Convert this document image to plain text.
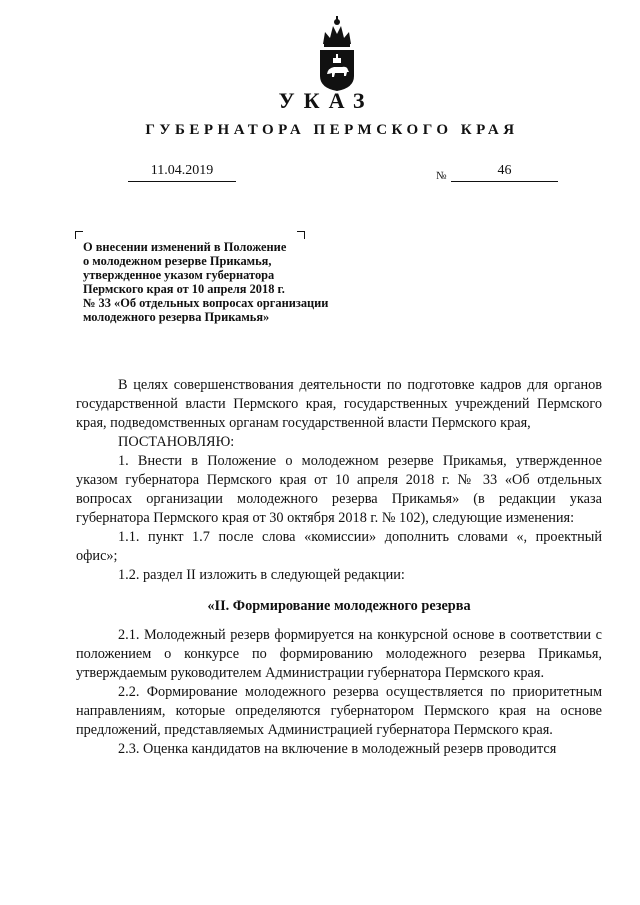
УКАЗ
ГУБЕРНАТОРА ПЕРМСКОГО КРАЯ
11.04.2019	№	46
О внесении изменений в Положение
о молодежном резерве Прикамья,
утвержденное указом губернатора
Пермского края от 10 апреля 2018 г.
№ 33 «Об отдельных вопросах организации
молодежного резерва Прикамья»

В целях совершенствования деятельности по подготовке кадров для органов государственной власти Пермского края, государственных учреждений Пермского края, подведомственных органам государственной власти Пермского края,

ПОСТАНОВЛЯЮ:

1. Внести в Положение о молодежном резерве Прикамья, утвержденное указом губернатора Пермского края от 10 апреля 2018 г. № 33 «Об отдельных вопросах организации молодежного резерва Прикамья» (в редакции указа губернатора Пермского края от 30 октября 2018 г. № 102), следующие изменения:

1.1. пункт 1.7 после слова «комиссии» дополнить словами «, проектный офис»;

1.2. раздел II изложить в следующей редакции:

«II. Формирование молодежного резерва

2.1. Молодежный резерв формируется на конкурсной основе в соответствии с положением о конкурсе по формированию молодежного резерва Прикамья, утверждаемым руководителем Администрации губернатора Пермского края.

2.2. Формирование молодежного резерва осуществляется по приоритетным направлениям, которые определяются губернатором Пермского края на основе предложений, представляемых Администрацией губернатора Пермского края.

2.3. Оценка кандидатов на включение в молодежный резерв проводится
